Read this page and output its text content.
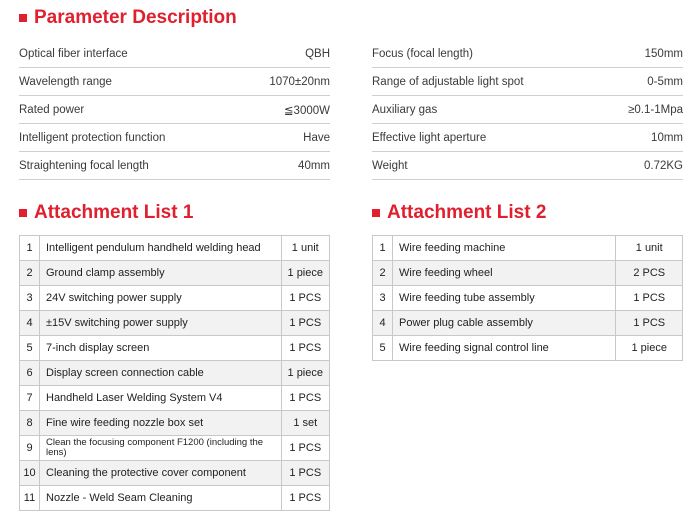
Parameter Description
Optical fiber interface	QBH
Wavelength range	1070±20nm
Rated power	≦3000W
Intelligent protection function	Have
Straightening focal length	40mm
Focus (focal length)	150mm
Range of adjustable light spot	0-5mm
Auxiliary gas	≥0.1-1Mpa
Effective light aperture	10mm
Weight	0.72KG
Attachment List 1
1	Intelligent pendulum handheld welding head	1 unit
2	Ground clamp assembly	1 piece
3	24V switching power supply	1 PCS
4	±15V switching power supply	1 PCS
5	7-inch display screen	1 PCS
6	Display screen connection cable	1 piece
7	Handheld Laser Welding System V4	1 PCS
8	Fine wire feeding nozzle box set	1 set
9	Clean the focusing component F1200 (including the lens)	1 PCS
10	Cleaning the protective cover component	1 PCS
11	Nozzle - Weld Seam Cleaning	1 PCS
Attachment List 2
1	Wire feeding machine	1 unit
2	Wire feeding wheel	2 PCS
3	Wire feeding tube assembly	1 PCS
4	Power plug cable assembly	1 PCS
5	Wire feeding signal control line	1 piece
